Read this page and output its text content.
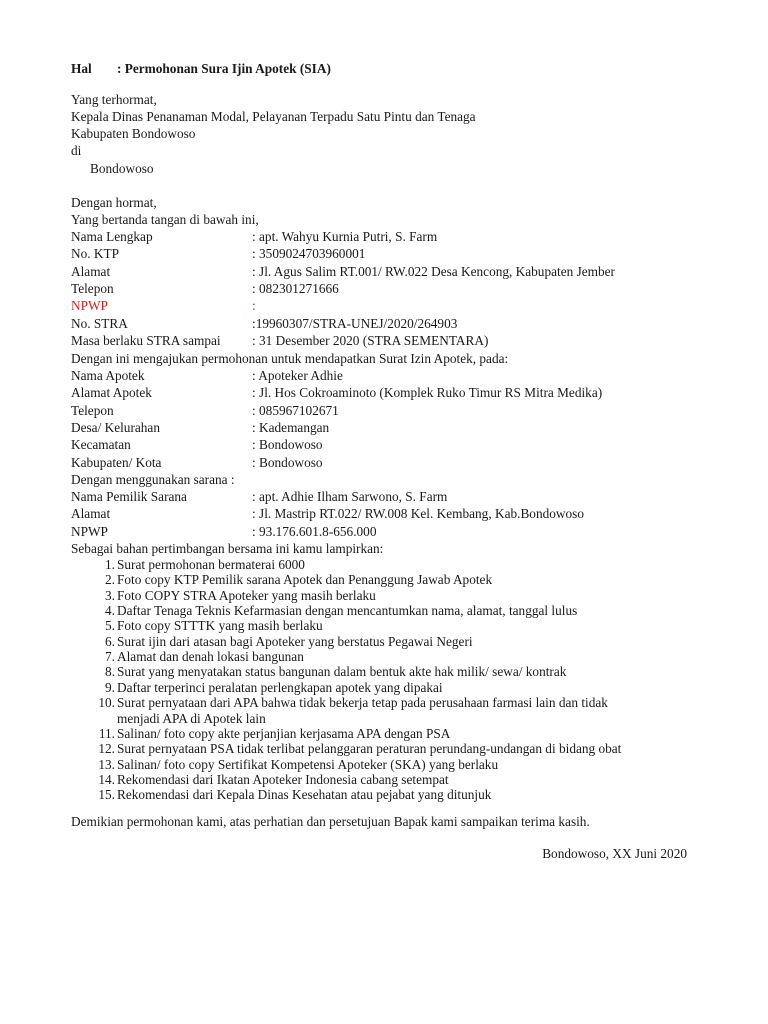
Hal : Permohonan Sura Ijin Apotek (SIA)
Yang terhormat,
Kepala Dinas Penanaman Modal, Pelayanan Terpadu Satu Pintu dan Tenaga
Kabupaten Bondowoso
di
Bondowoso
Dengan hormat,
Yang bertanda tangan di bawah ini,
Nama Lengkap	: apt. Wahyu Kurnia Putri, S. Farm
No. KTP	: 3509024703960001
Alamat	: Jl. Agus Salim RT.001/ RW.022 Desa Kencong, Kabupaten Jember
Telepon	: 082301271666
NPWP	:
No. STRA	:19960307/STRA-UNEJ/2020/264903
Masa berlaku STRA sampai : 31 Desember 2020 (STRA SEMENTARA)
Dengan ini mengajukan permohonan untuk mendapatkan Surat Izin Apotek, pada:
Nama Apotek	: Apoteker Adhie
Alamat Apotek	: Jl. Hos Cokroaminoto (Komplek Ruko Timur RS Mitra Medika)
Telepon	: 085967102671
Desa/ Kelurahan	: Kademangan
Kecamatan	: Bondowoso
Kabupaten/ Kota	: Bondowoso
Dengan menggunakan sarana :
Nama Pemilik Sarana	: apt. Adhie Ilham Sarwono, S. Farm
Alamat	: Jl. Mastrip RT.022/ RW.008 Kel. Kembang, Kab.Bondowoso
NPWP	: 93.176.601.8-656.000
Sebagai bahan pertimbangan bersama ini kamu lampirkan:
1. Surat permohonan bermaterai 6000
2. Foto copy KTP Pemilik sarana Apotek dan Penanggung Jawab Apotek
3. Foto COPY STRA Apoteker yang masih berlaku
4. Daftar Tenaga Teknis Kefarmasian dengan mencantumkan nama, alamat, tanggal lulus
5. Foto copy STTTK yang masih berlaku
6. Surat ijin dari atasan bagi Apoteker yang berstatus Pegawai Negeri
7. Alamat dan denah lokasi bangunan
8. Surat yang menyatakan status bangunan dalam bentuk akte hak milik/ sewa/ kontrak
9. Daftar terperinci peralatan perlengkapan apotek yang dipakai
10. Surat pernyataan dari APA bahwa tidak bekerja tetap pada perusahaan farmasi lain dan tidak
menjadi APA di Apotek lain
11. Salinan/ foto copy akte perjanjian kerjasama APA dengan PSA
12. Surat pernyataan PSA tidak terlibat pelanggaran peraturan perundang-undangan di bidang obat
13. Salinan/ foto copy Sertifikat Kompetensi Apoteker (SKA) yang berlaku
14. Rekomendasi dari Ikatan Apoteker Indonesia cabang setempat
15. Rekomendasi dari Kepala Dinas Kesehatan atau pejabat yang ditunjuk
Demikian permohonan kami, atas perhatian dan persetujuan Bapak kami sampaikan terima kasih.
Bondowoso, XX Juni 2020
